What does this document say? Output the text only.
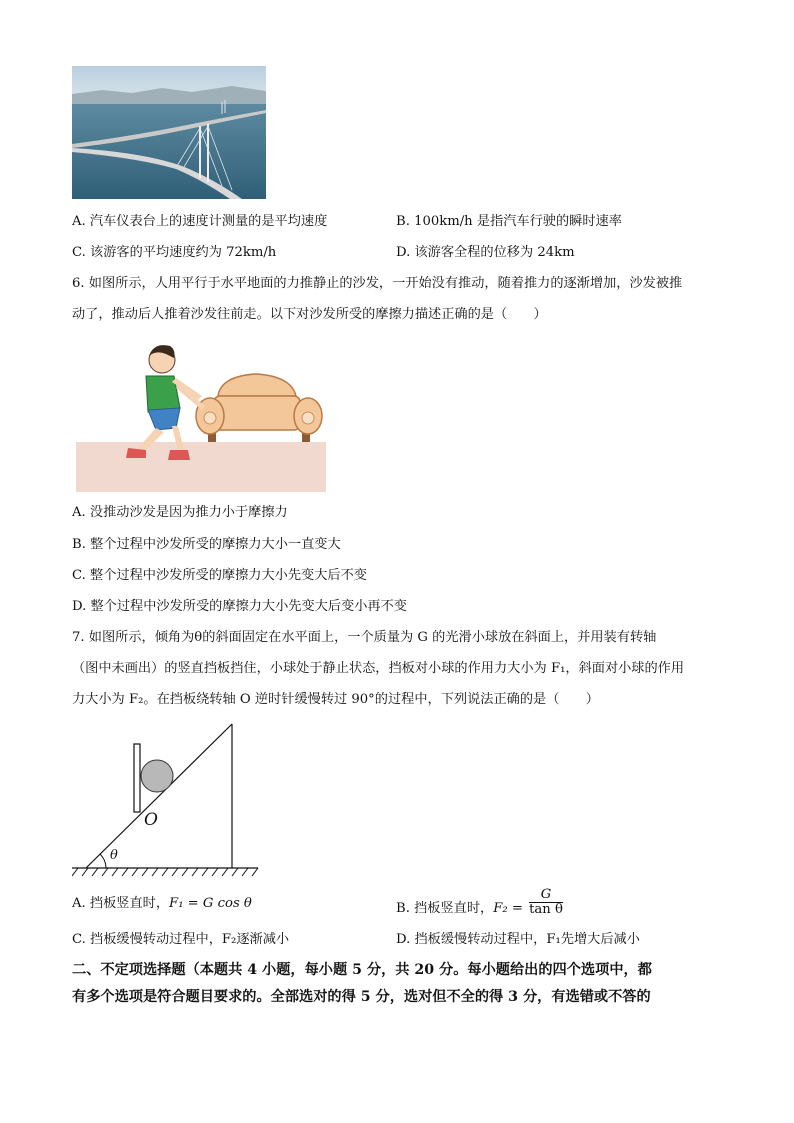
A. 汽车仪表台上的速度计测量的是平均速度	B. 100km/h 是指汽车行驶的瞬时速率
C. 该游客的平均速度约为 72km/h	D. 该游客全程的位移为 24km
6. 如图所示，人用平行于水平地面的力推静止的沙发，一开始没有推动，随着推力的逐渐增加，沙发被推
动了，推动后人推着沙发往前走。以下对沙发所受的摩擦力描述正确的是（　　）
A. 没推动沙发是因为推力小于摩擦力
B. 整个过程中沙发所受的摩擦力大小一直变大
C. 整个过程中沙发所受的摩擦力大小先变大后不变
D. 整个过程中沙发所受的摩擦力大小先变大后变小再不变
7. 如图所示，倾角为θ的斜面固定在水平面上，一个质量为 G 的光滑小球放在斜面上，并用装有转轴
（图中未画出）的竖直挡板挡住，小球处于静止状态，挡板对小球的作用力大小为 F₁，斜面对小球的作用
力大小为 F₂。在挡板绕转轴 O 逆时针缓慢转过 90°的过程中，下列说法正确的是（　　）
O
θ
A. 挡板竖直时，F₁ = G cos θ	B. 挡板竖直时，$F_2 = \frac{G}{\text{tan θ}}$
C. 挡板缓慢转动过程中，F₂逐渐减小	D. 挡板缓慢转动过程中，F₁先增大后减小
二、不定项选择题（本题共 4 小题，每小题 5 分，共 20 分。每小题给出的四个选项中，都
有多个选项是符合题目要求的。全部选对的得 5 分，选对但不全的得 3 分，有选错或不答的
